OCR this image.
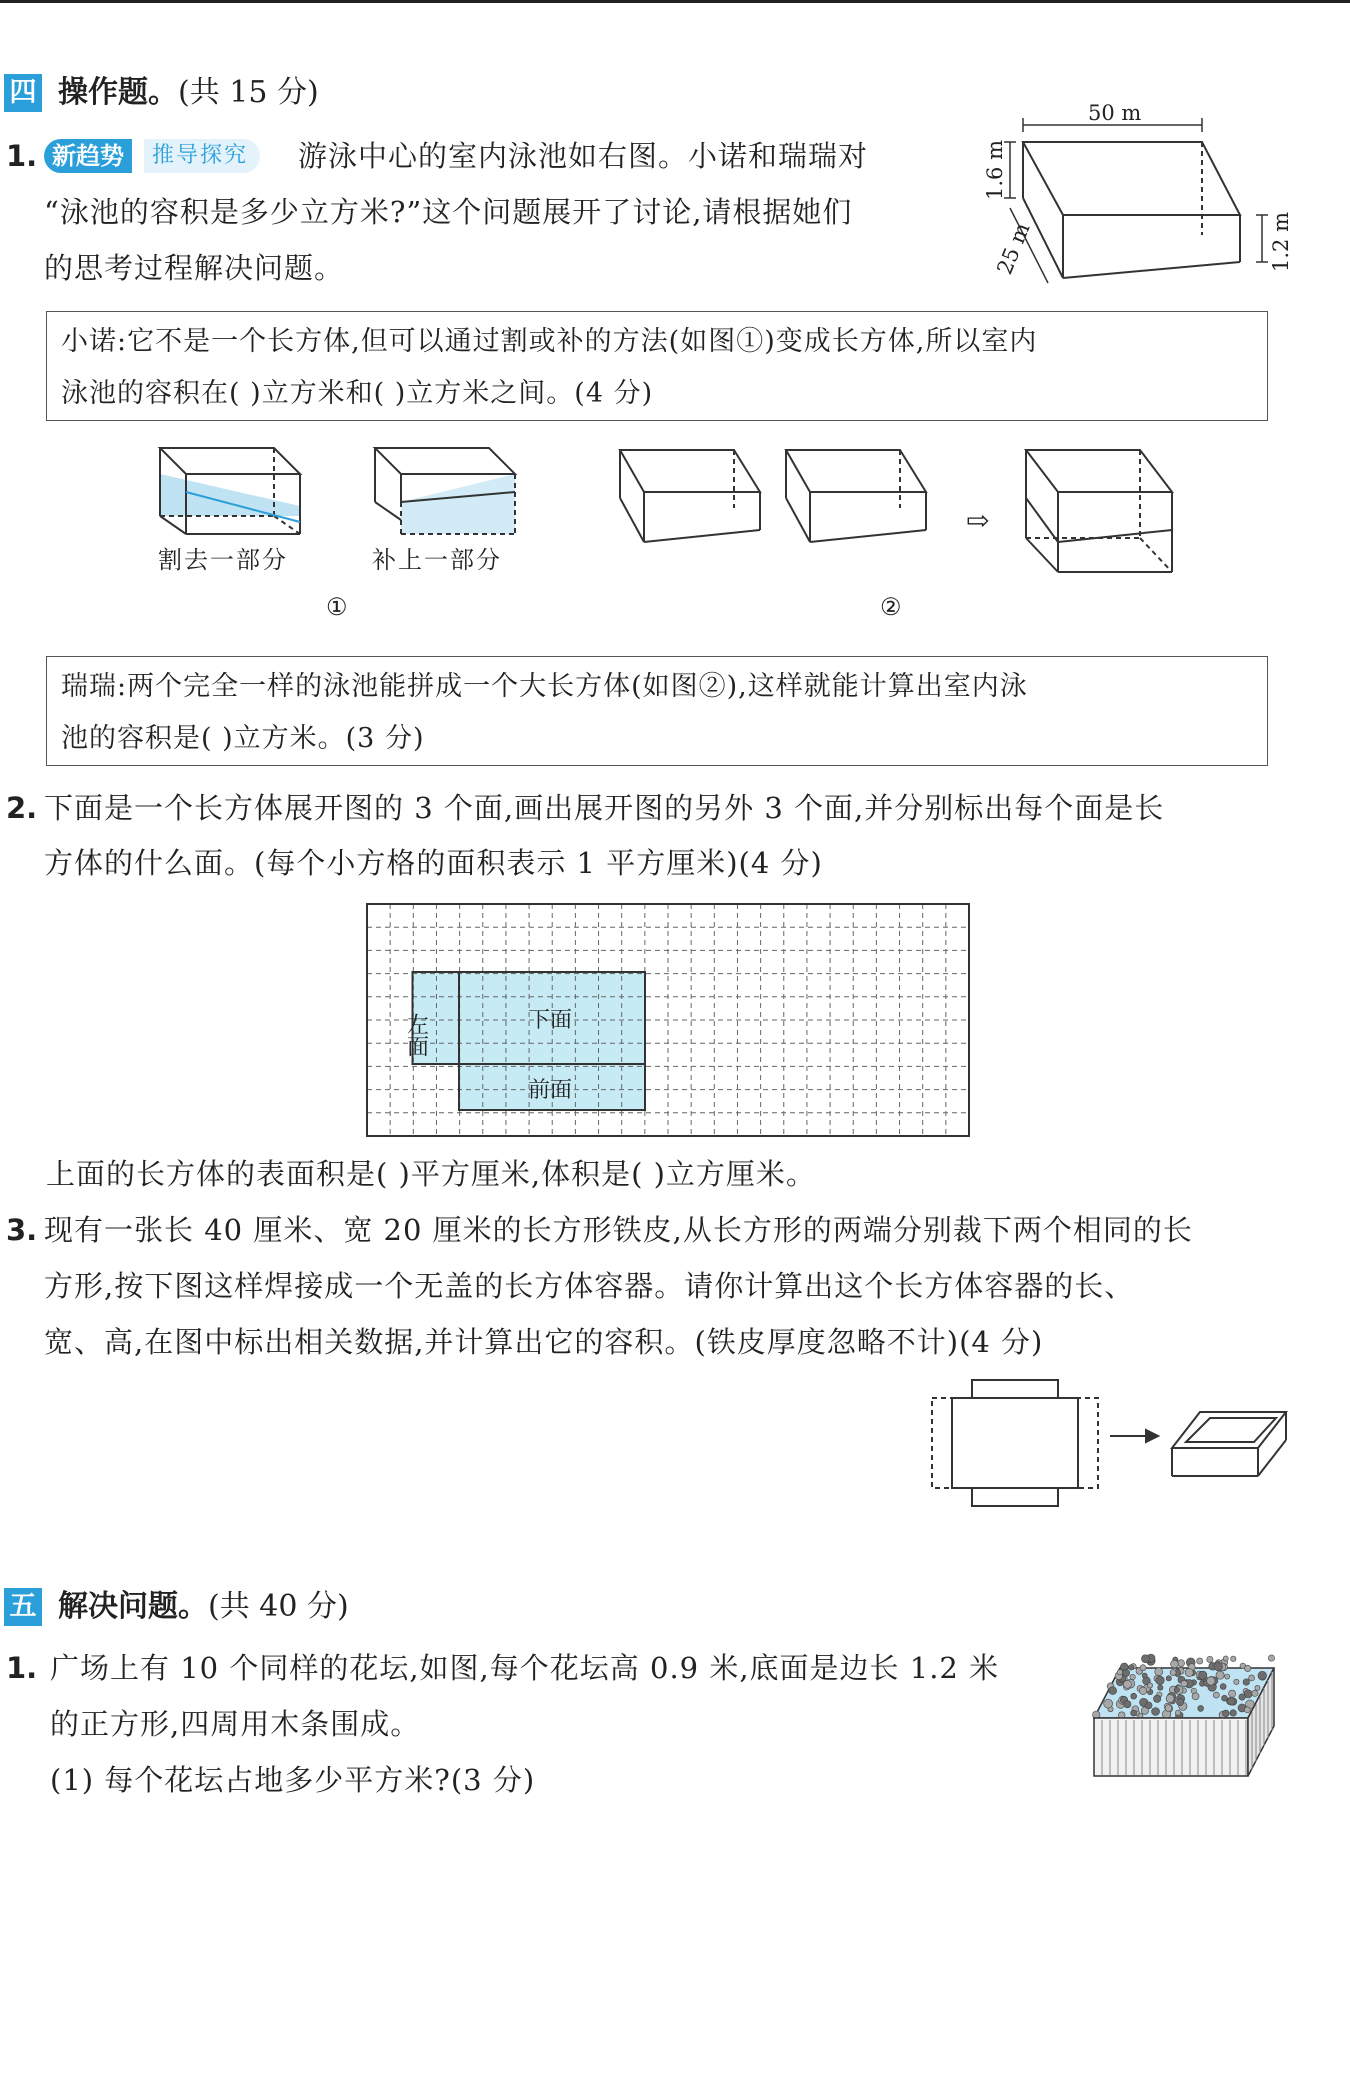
四 操作题。(共 15 分)
1. 新趋势	推导探究	游泳中心的室内泳池如右图。小诺和瑞瑞对
“泳池的容积是多少立方米?”这个问题展开了讨论,请根据她们
的思考过程解决问题。
50 m
1.6 m
1.2 m
25 m
小诺:它不是一个长方体,但可以通过割或补的方法(如图①)变成长方体,所以室内
泳池的容积在( )立方米和( )立方米之间。(4 分)
割去一部分	补上一部分
①
⇨
②
瑞瑞:两个完全一样的泳池能拼成一个大长方体(如图②),这样就能计算出室内泳
池的容积是( )立方米。(3 分)
2. 下面是一个长方体展开图的 3 个面,画出展开图的另外 3 个面,并分别标出每个面是长
方体的什么面。(每个小方格的面积表示 1 平方厘米)(4 分)
左面	下面
前面
上面的长方体的表面积是( )平方厘米,体积是( )立方厘米。
3. 现有一张长 40 厘米、宽 20 厘米的长方形铁皮,从长方形的两端分别裁下两个相同的长
方形,按下图这样焊接成一个无盖的长方体容器。请你计算出这个长方体容器的长、
宽、高,在图中标出相关数据,并计算出它的容积。(铁皮厚度忽略不计)(4 分)
五 解决问题。(共 40 分)
1. 广场上有 10 个同样的花坛,如图,每个花坛高 0.9 米,底面是边长 1.2 米
的正方形,四周用木条围成。
(1) 每个花坛占地多少平方米?(3 分)
